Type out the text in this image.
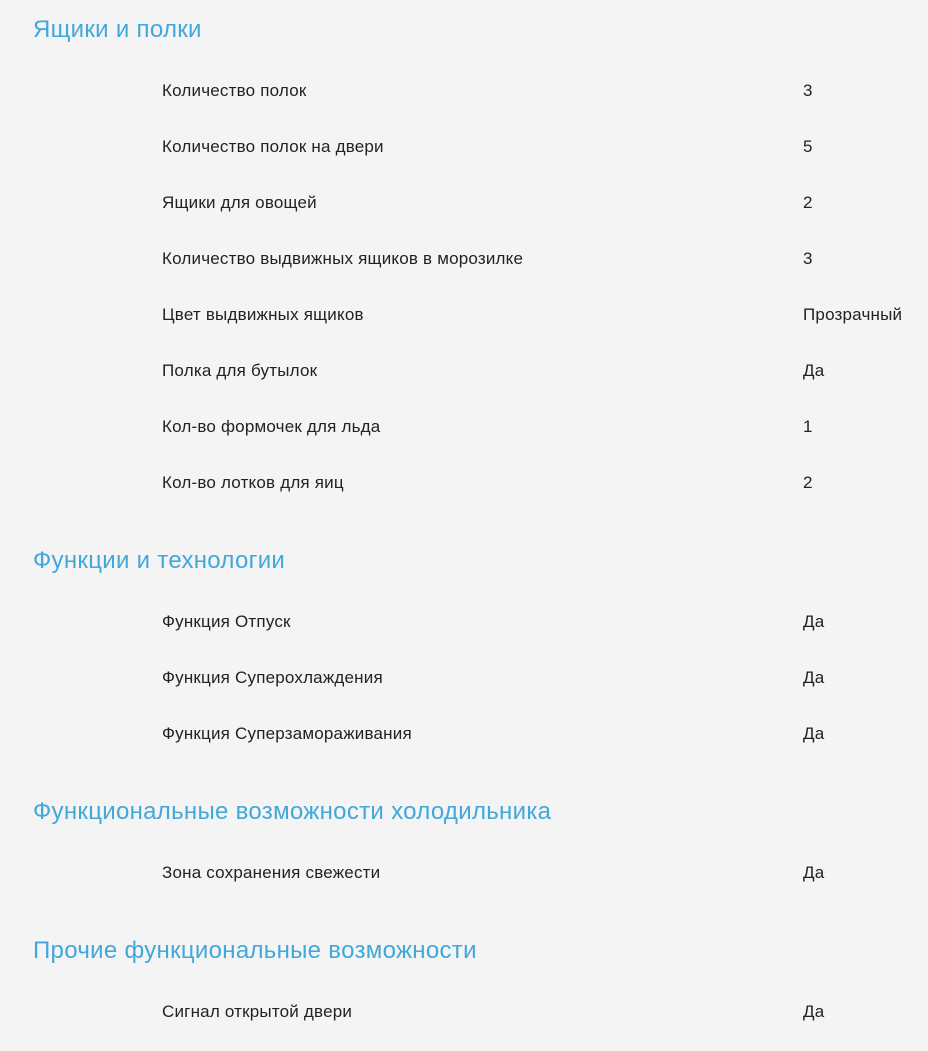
Ящики и полки
Количество полок	3
Количество полок на двери	5
Ящики для овощей	2
Количество выдвижных ящиков в морозилке	3
Цвет выдвижных ящиков	Прозрачный
Полка для бутылок	Да
Кол-во формочек для льда	1
Кол-во лотков для яиц	2
Функции и технологии
Функция Отпуск	Да
Функция Суперохлаждения	Да
Функция Суперзамораживания	Да
Функциональные возможности холодильника
Зона сохранения свежести	Да
Прочие функциональные возможности
Сигнал открытой двери	Да
